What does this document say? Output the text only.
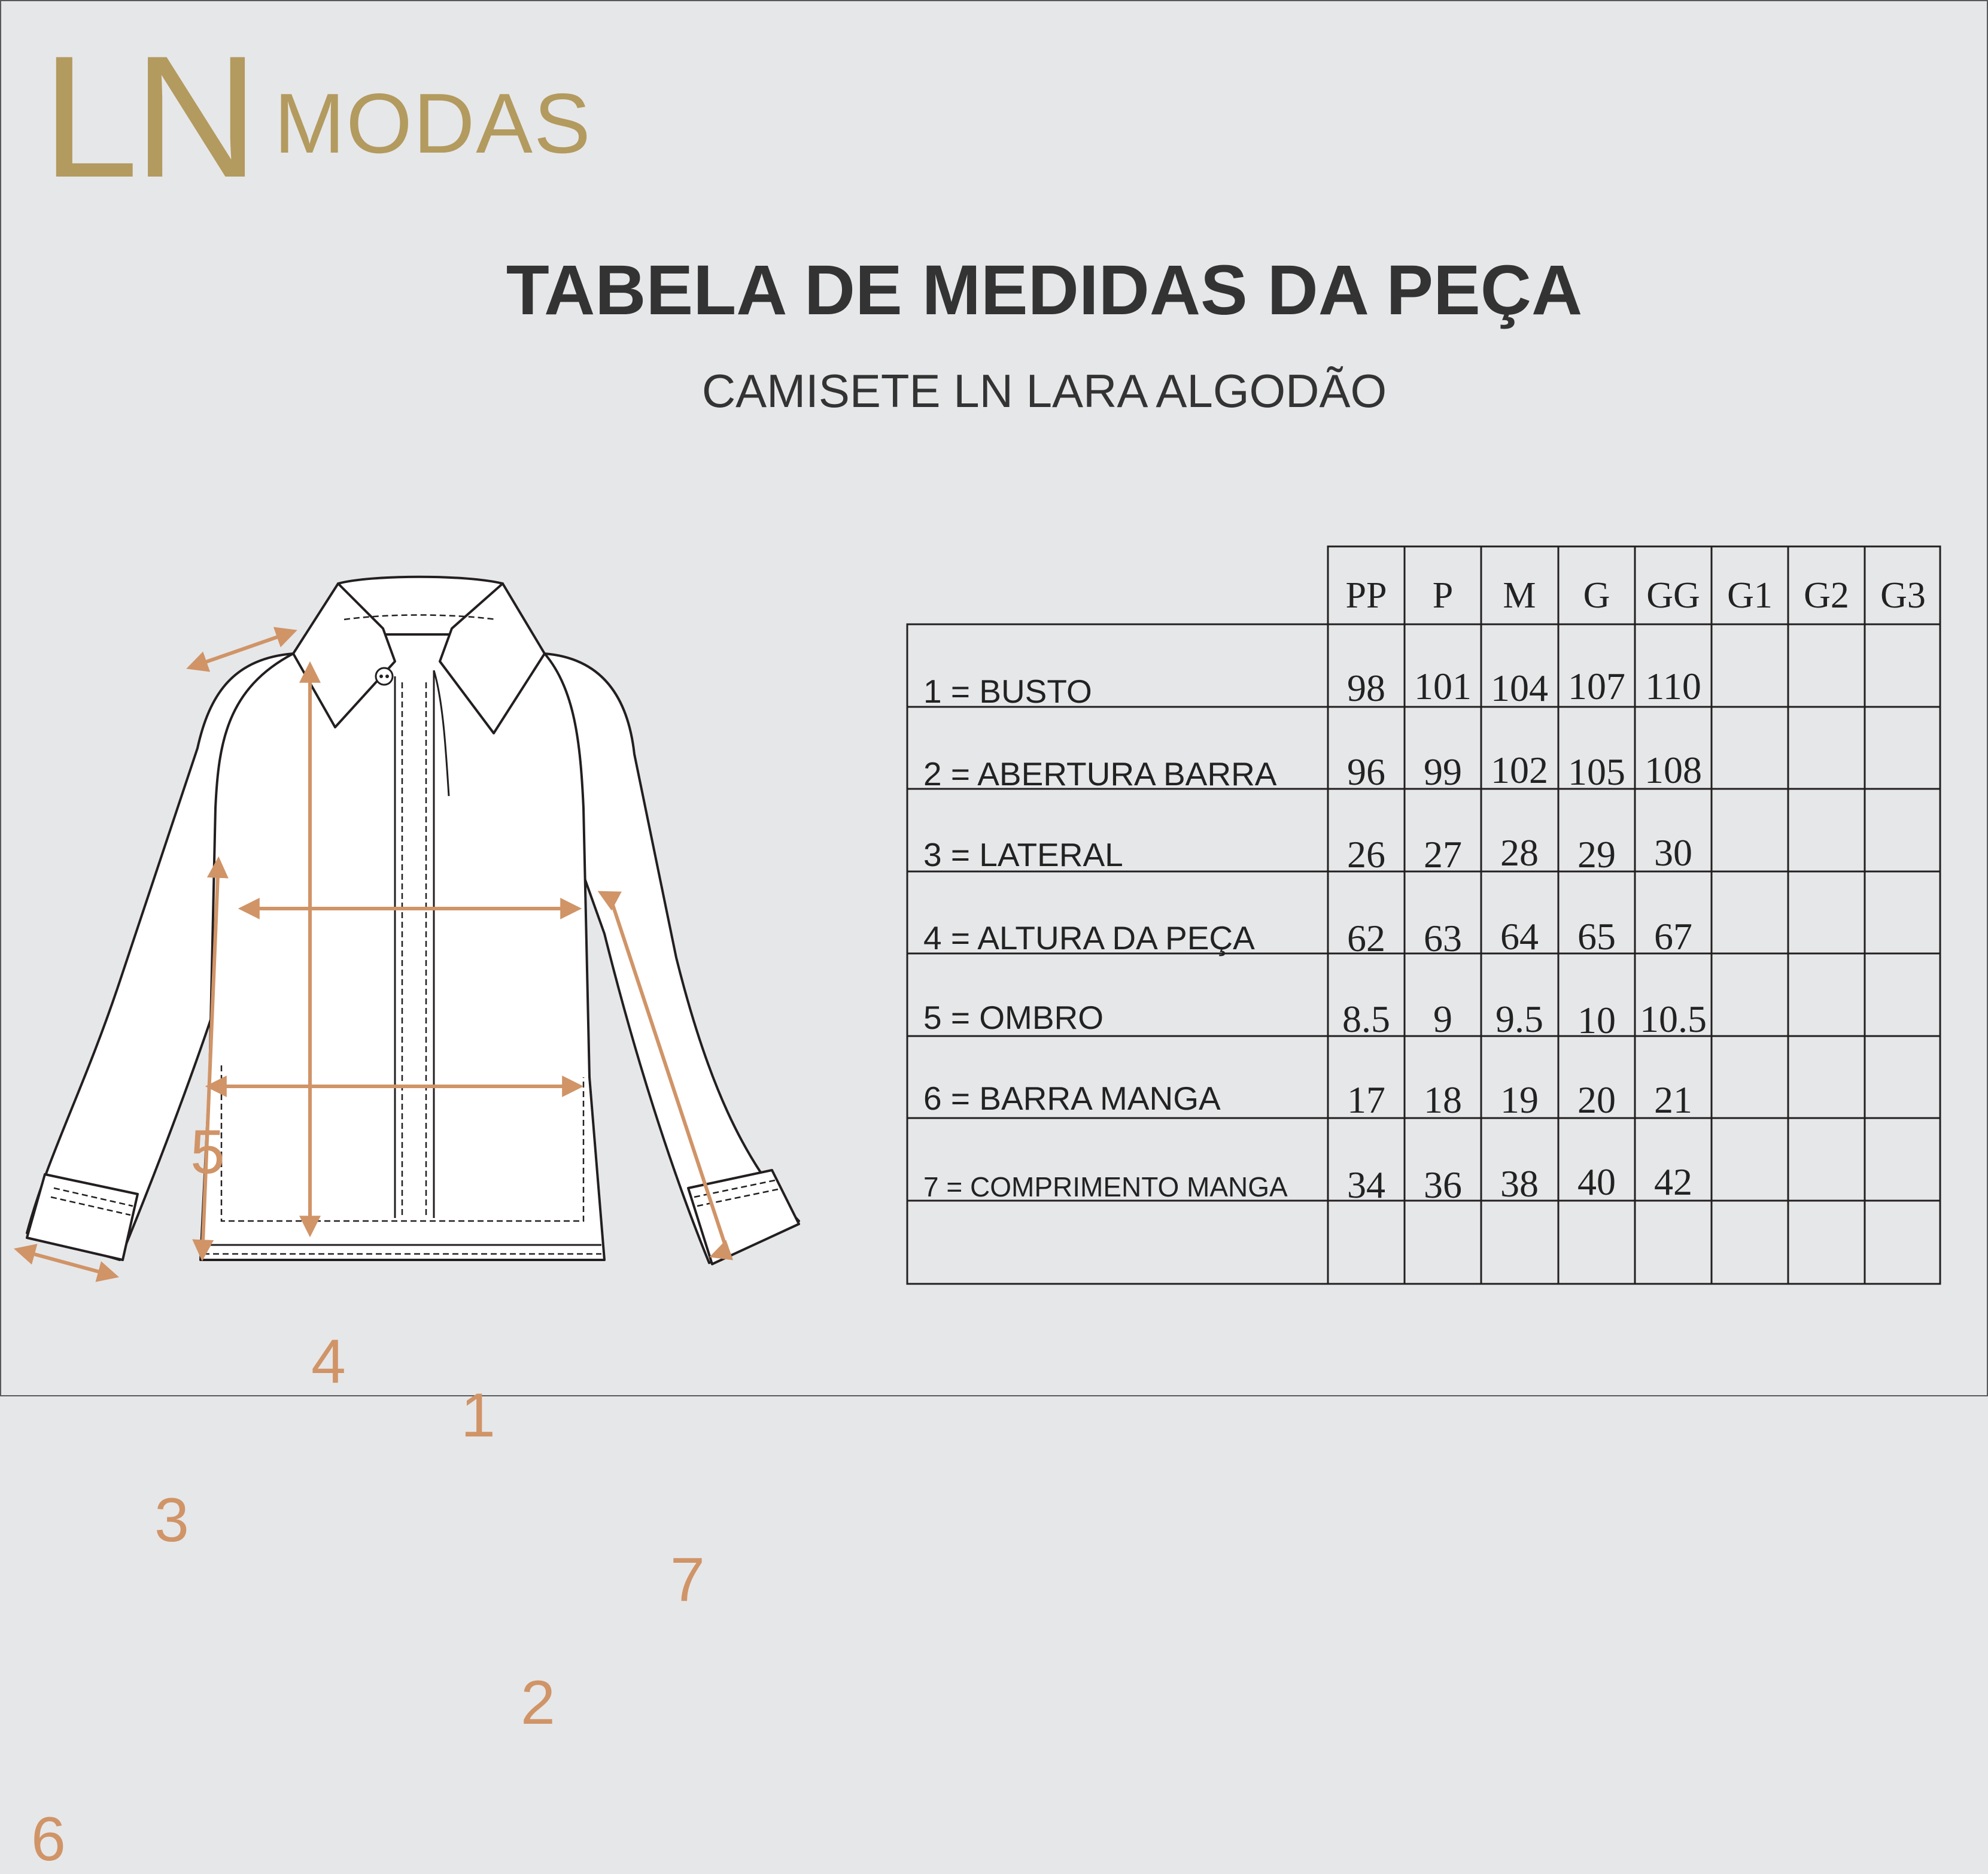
LN MODAS
TABELA DE MEDIDAS DA PEÇA
CAMISETE LN LARA ALGODÃO
1
2
3
4
5
6
7
PP	P	M	G GG G1 G2 G3
1 = BUSTO	98 101 104 107 110
2 = ABERTURA BARRA	96	99 102 105 108
3 = LATERAL	26	27	28	29	30
4 = ALTURA DA PEÇA	62	63	64	65	67
5 = OMBRO	8.5	9	9.5 10 10.5
6 = BARRA MANGA	17	18	19	20	21
7 = COMPRIMENTO MANGA	34	36	38	40	42
